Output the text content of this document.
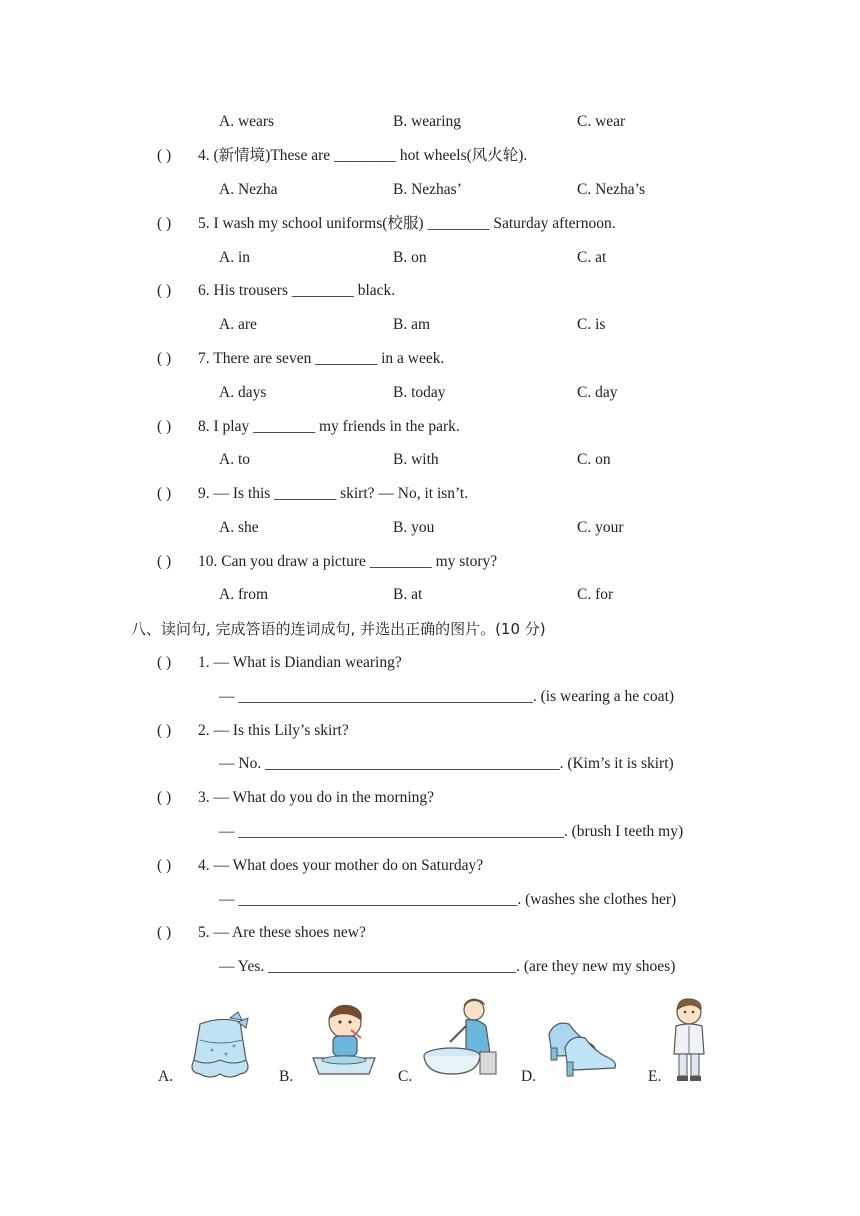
A. wears	B. wearing	C. wear
( ) 4. (新情境)These are ________ hot wheels(风火轮).
A. Nezha	B. Nezhas’	C. Nezha’s
( ) 5. I wash my school uniforms(校服) ________ Saturday afternoon.
A. in	B. on	C. at
( ) 6. His trousers ________ black.
A. are	B. am	C. is
( ) 7. There are seven ________ in a week.
A. days	B. today	C. day
( ) 8. I play ________ my friends in the park.
A. to	B. with	C. on
( ) 9. — Is this ________ skirt? — No, it isn’t.
A. she	B. you	C. your
( ) 10. Can you draw a picture ________ my story?
A. from	B. at	C. for
八、读问句, 完成答语的连词成句, 并选出正确的图片。(10 分)
( ) 1. — What is Diandian wearing?
— ______________________________________. (is wearing a he coat)
( ) 2. — Is this Lily’s skirt?
— No. ______________________________________. (Kim’s it is skirt)
( ) 3. — What do you do in the morning?
— __________________________________________. (brush I teeth my)
( ) 4. — What does your mother do on Saturday?
— ____________________________________. (washes she clothes her)
( ) 5. — Are these shoes new?
— Yes. ________________________________. (are they new my shoes)
A.	B.	C.	D.	E.
